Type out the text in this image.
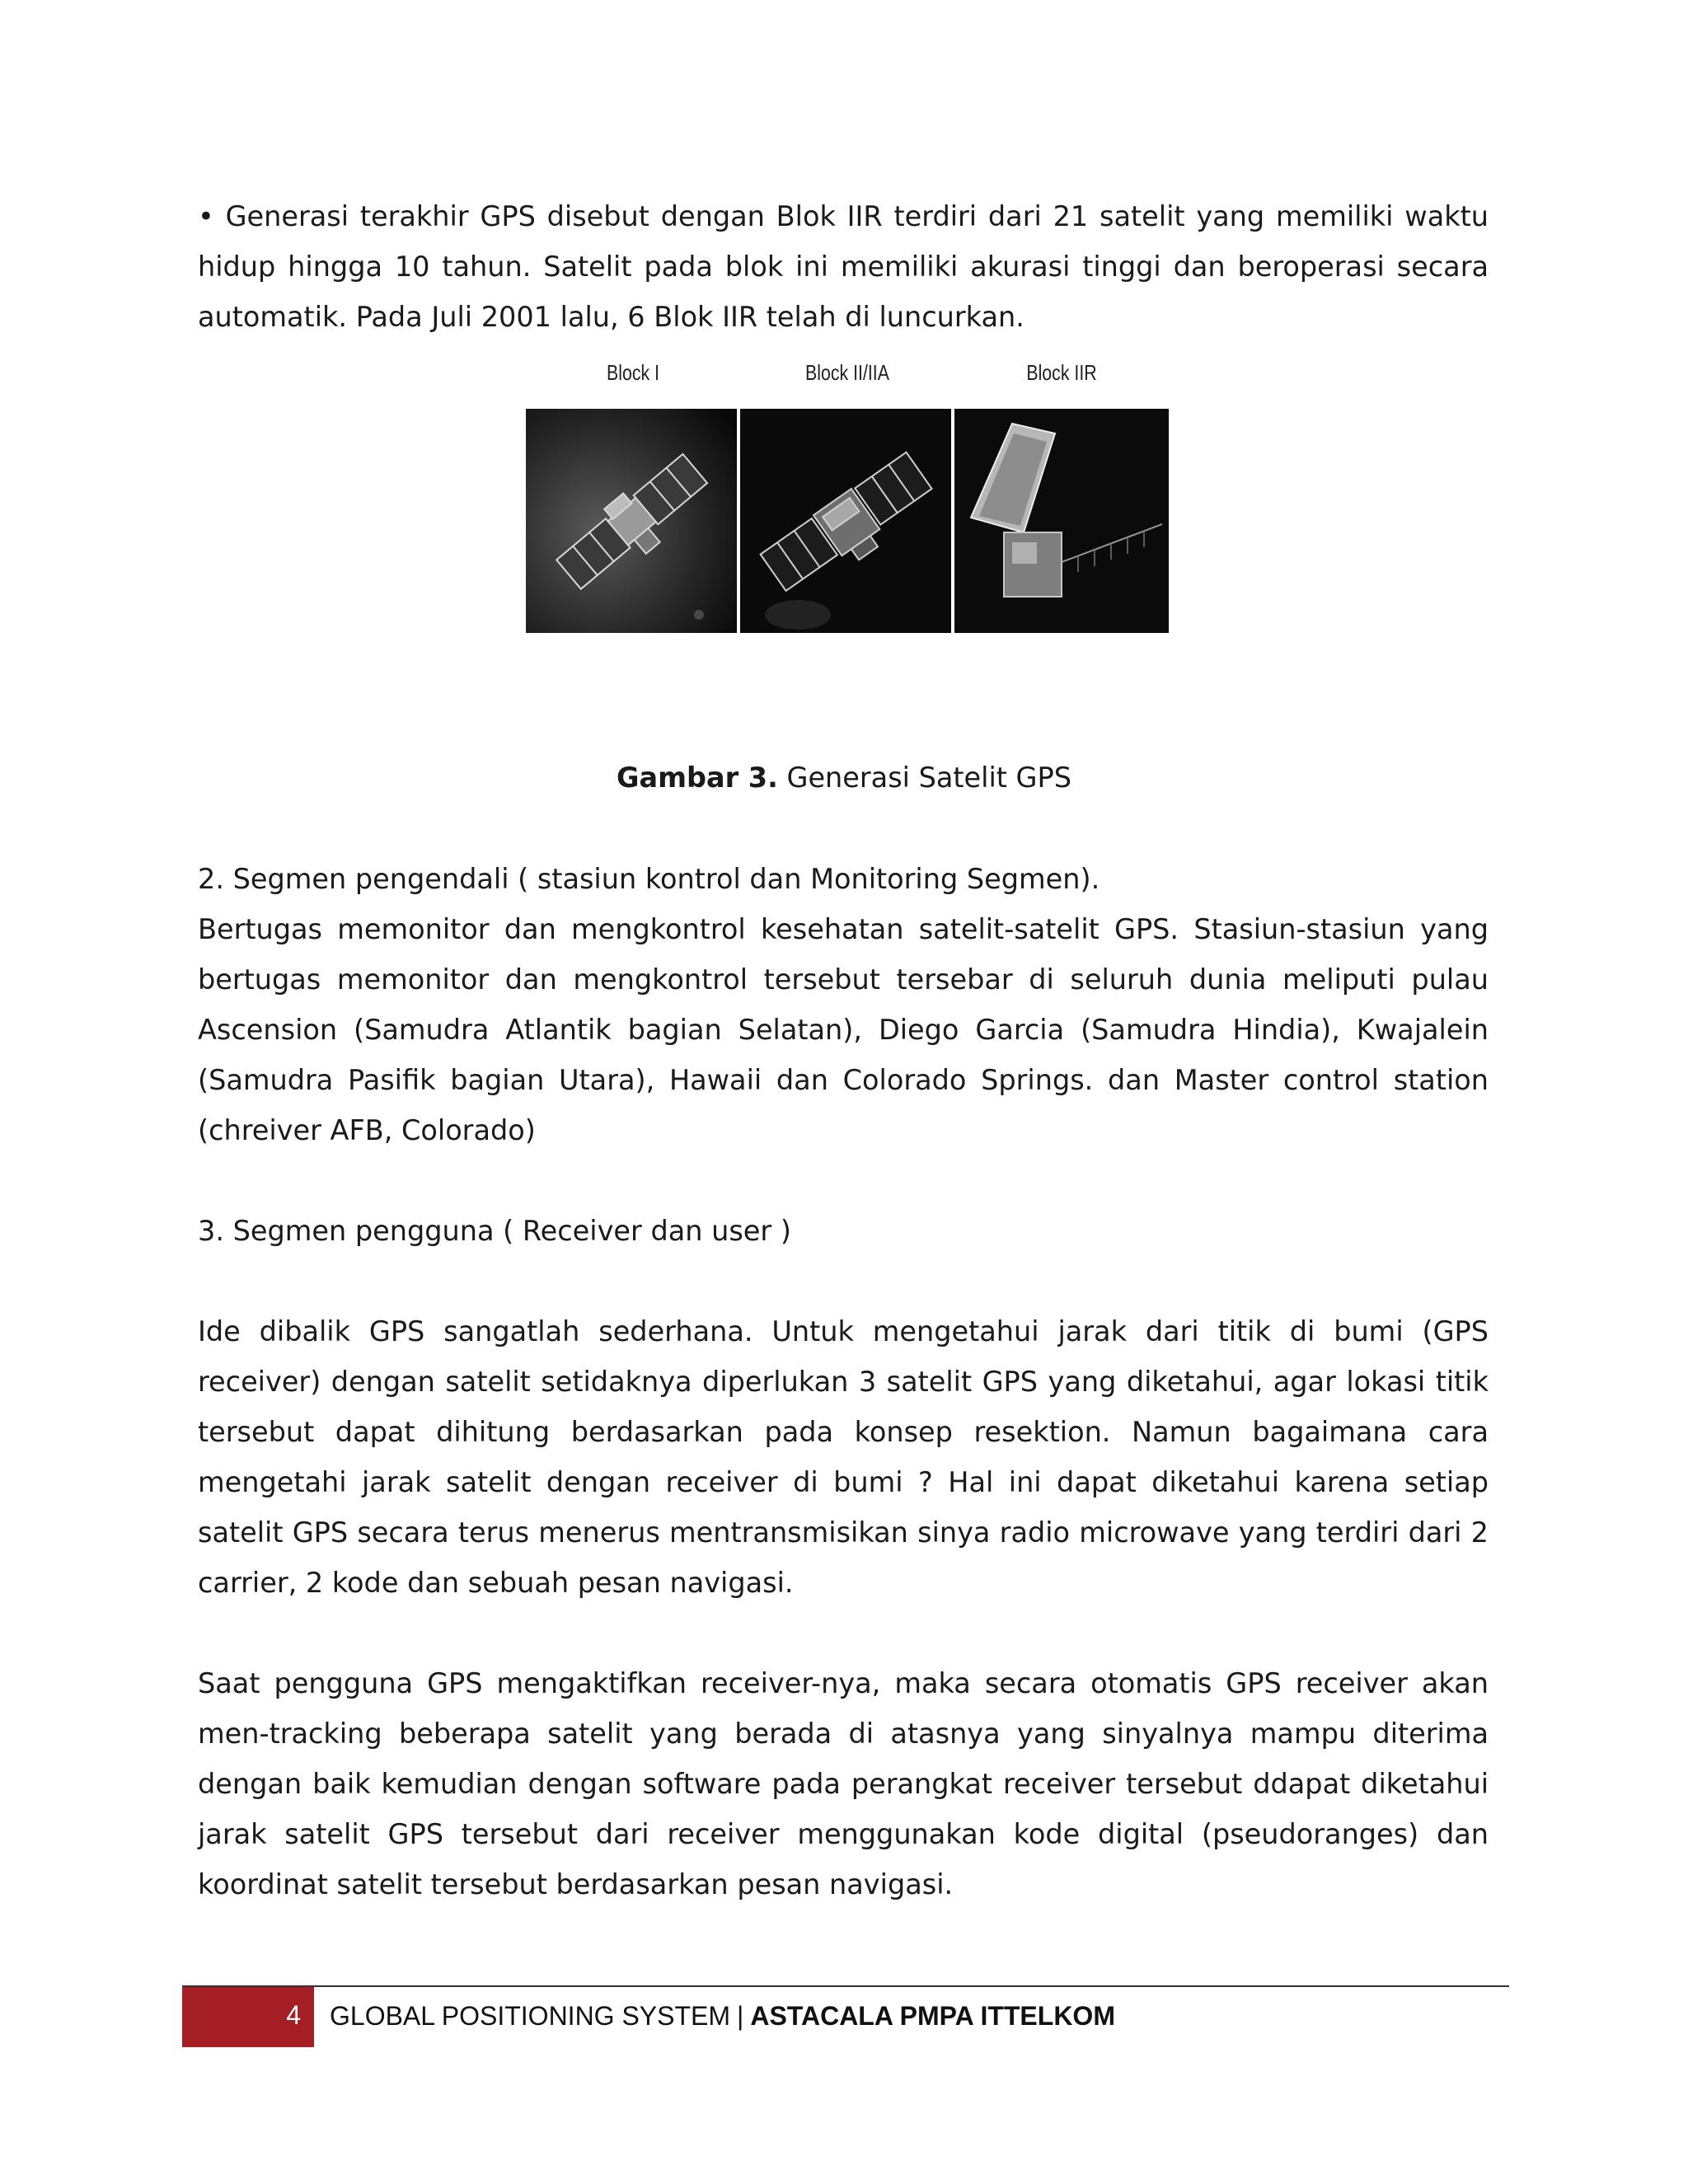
• Generasi terakhir GPS disebut dengan Blok IIR terdiri dari 21 satelit yang memiliki waktu hidup hingga 10 tahun. Satelit pada blok ini memiliki akurasi tinggi dan beroperasi secara automatik. Pada Juli 2001 lalu, 6 Blok IIR telah di luncurkan.

Block I	Block II/IIA	Block IIR
Gambar 3. Generasi Satelit GPS

2. Segmen pengendali ( stasiun kontrol dan Monitoring Segmen).

Bertugas memonitor dan mengkontrol kesehatan satelit-satelit GPS. Stasiun-stasiun yang bertugas memonitor dan mengkontrol tersebut tersebar di seluruh dunia meliputi pulau Ascension (Samudra Atlantik bagian Selatan), Diego Garcia (Samudra Hindia), Kwajalein (Samudra Pasifik bagian Utara), Hawaii dan Colorado Springs. dan Master control station (chreiver AFB, Colorado)

3. Segmen pengguna ( Receiver dan user )

Ide dibalik GPS sangatlah sederhana. Untuk mengetahui jarak dari titik di bumi (GPS receiver) dengan satelit setidaknya diperlukan 3 satelit GPS yang diketahui, agar lokasi titik tersebut dapat dihitung berdasarkan pada konsep resektion. Namun bagaimana cara mengetahi jarak satelit dengan receiver di bumi ? Hal ini dapat diketahui karena setiap satelit GPS secara terus menerus mentransmisikan sinya radio microwave yang terdiri dari 2 carrier, 2 kode dan sebuah pesan navigasi.

Saat pengguna GPS mengaktifkan receiver-nya, maka secara otomatis GPS receiver akan men-tracking beberapa satelit yang berada di atasnya yang sinyalnya mampu diterima dengan baik kemudian dengan software pada perangkat receiver tersebut ddapat diketahui jarak satelit GPS tersebut dari receiver menggunakan kode digital (pseudoranges) dan koordinat satelit tersebut berdasarkan pesan navigasi.

4 GLOBAL POSITIONING SYSTEM | ASTACALA PMPA ITTELKOM
